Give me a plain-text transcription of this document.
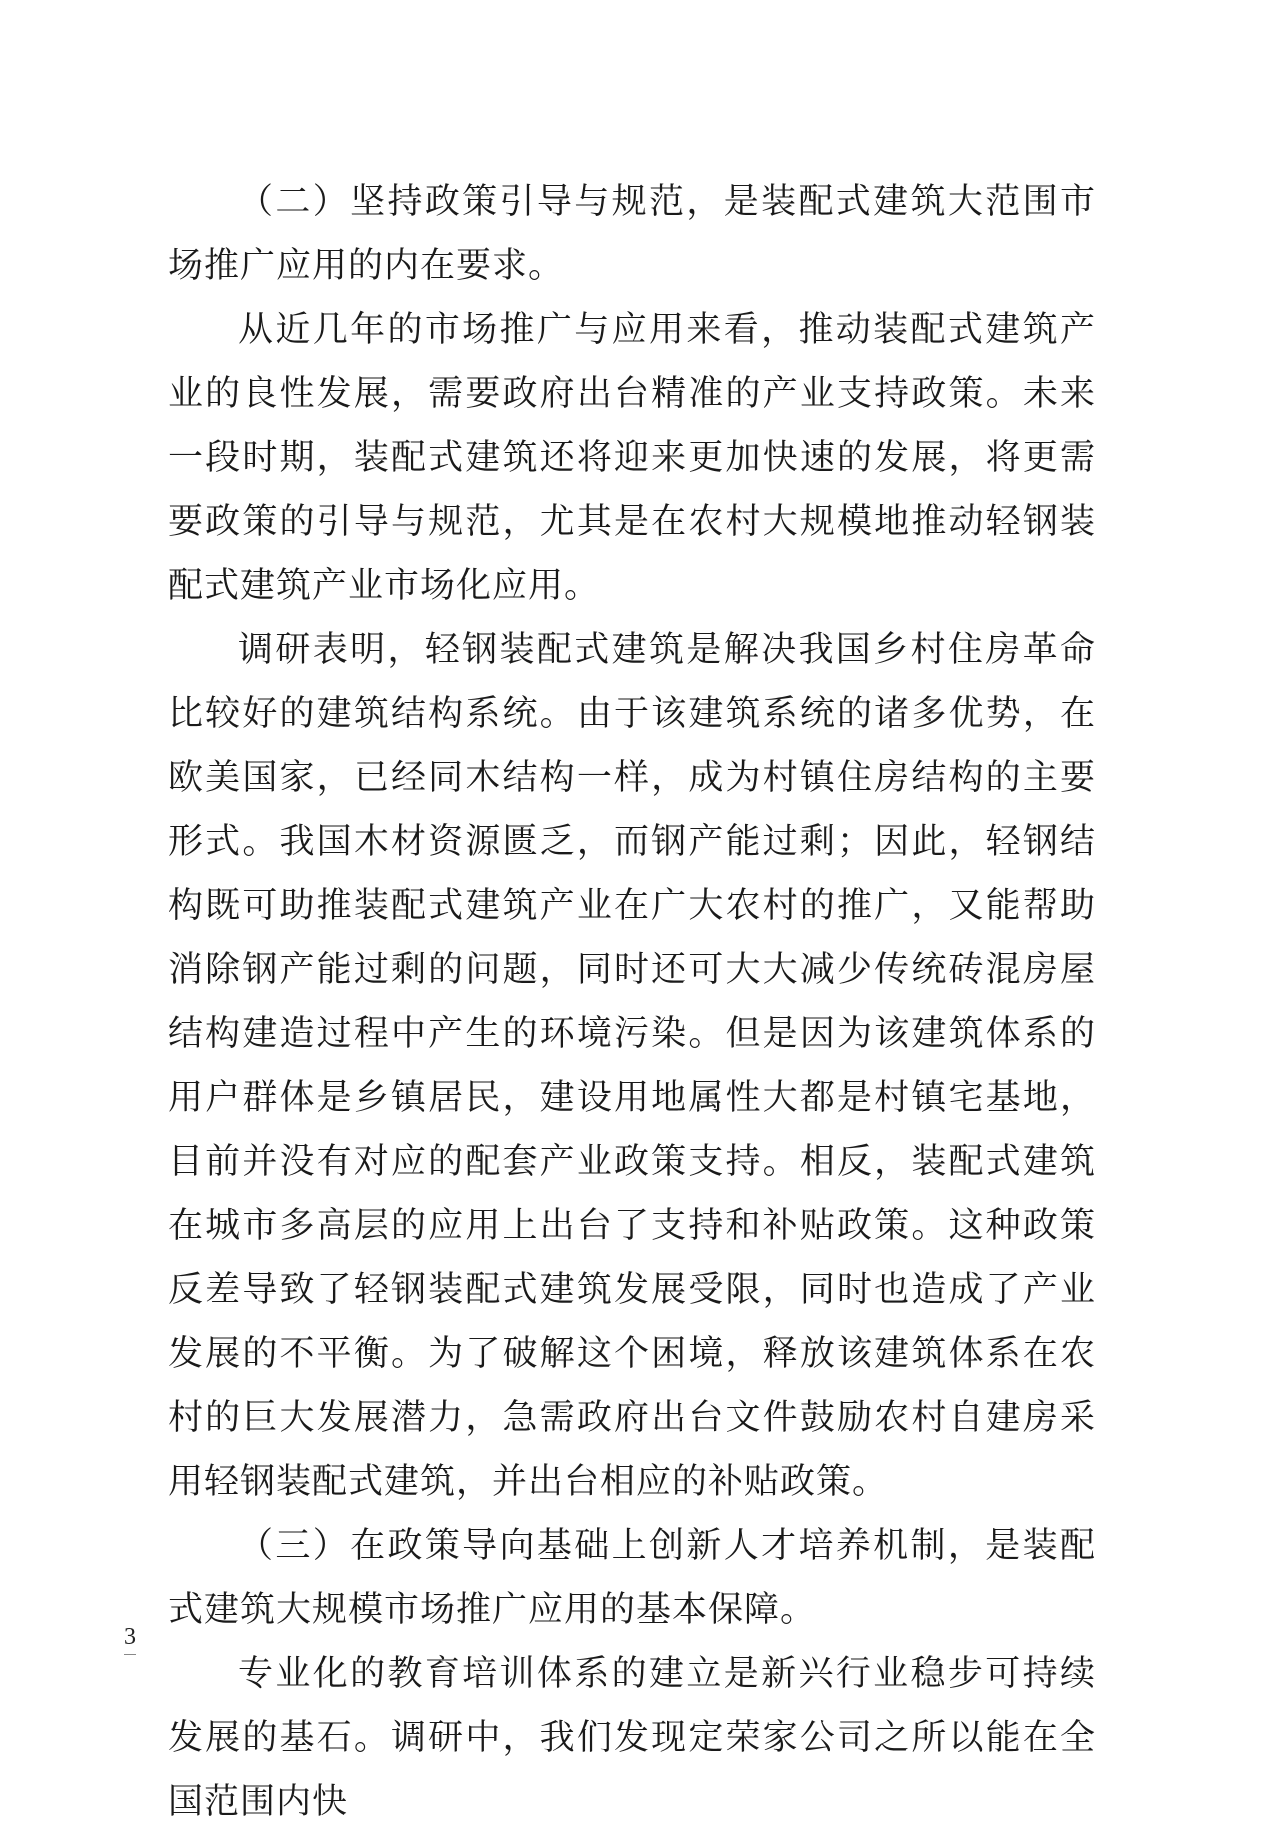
（二）坚持政策引导与规范，是装配式建筑大范围市场推广应用的内在要求。

从近几年的市场推广与应用来看，推动装配式建筑产业的良性发展，需要政府出台精准的产业支持政策。未来一段时期，装配式建筑还将迎来更加快速的发展，将更需要政策的引导与规范，尤其是在农村大规模地推动轻钢装配式建筑产业市场化应用。

调研表明，轻钢装配式建筑是解决我国乡村住房革命比较好的建筑结构系统。由于该建筑系统的诸多优势，在欧美国家，已经同木结构一样，成为村镇住房结构的主要形式。我国木材资源匮乏，而钢产能过剩；因此，轻钢结构既可助推装配式建筑产业在广大农村的推广，又能帮助消除钢产能过剩的问题，同时还可大大减少传统砖混房屋结构建造过程中产生的环境污染。但是因为该建筑体系的用户群体是乡镇居民，建设用地属性大都是村镇宅基地，目前并没有对应的配套产业政策支持。相反，装配式建筑在城市多高层的应用上出台了支持和补贴政策。这种政策反差导致了轻钢装配式建筑发展受限，同时也造成了产业发展的不平衡。为了破解这个困境，释放该建筑体系在农村的巨大发展潜力，急需政府出台文件鼓励农村自建房采用轻钢装配式建筑，并出台相应的补贴政策。

（三）在政策导向基础上创新人才培养机制，是装配式建筑大规模市场推广应用的基本保障。

专业化的教育培训体系的建立是新兴行业稳步可持续发展的基石。调研中，我们发现定荣家公司之所以能在全国范围内快

3
